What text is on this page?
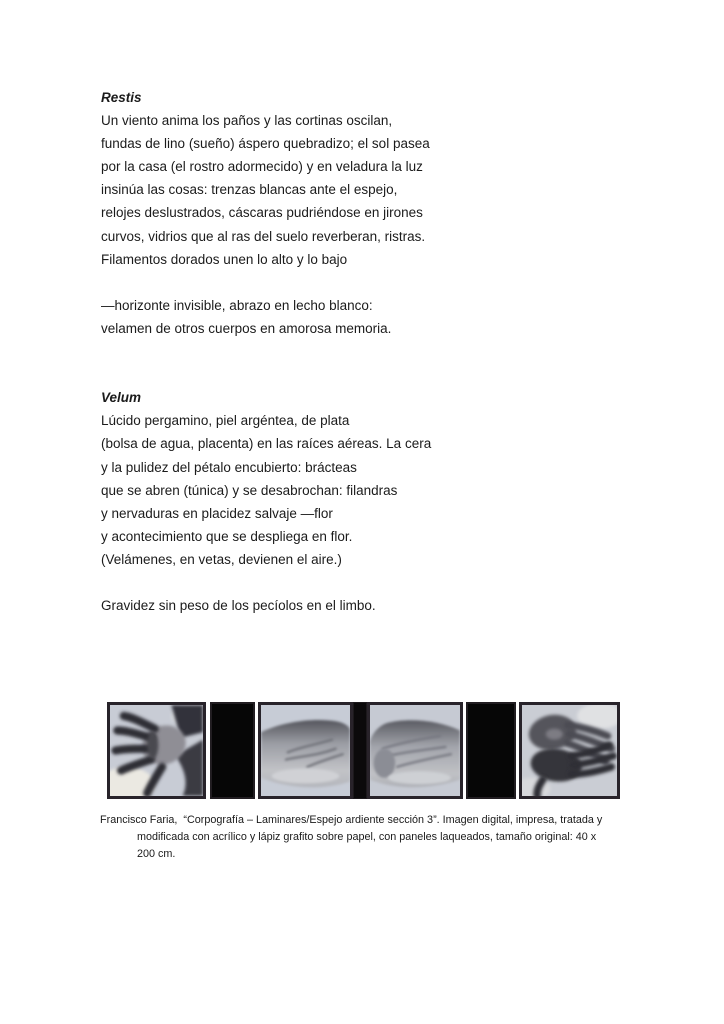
Restis
Un viento anima los paños y las cortinas oscilan,
fundas de lino (sueño) áspero quebradizo; el sol pasea
por la casa (el rostro adormecido) y en veladura la luz
insinúa las cosas: trenzas blancas ante el espejo,
relojes deslustrados, cáscaras pudriéndose en jirones
curvos, vidrios que al ras del suelo reverberan, ristras.
Filamentos dorados unen lo alto y lo bajo
—horizonte invisible, abrazo en lecho blanco:
velamen de otros cuerpos en amorosa memoria.
Velum
Lúcido pergamino, piel argéntea, de plata
(bolsa de agua, placenta) en las raíces aéreas. La cera
y la pulidez del pétalo encubierto: brácteas
que se abren (túnica) y se desabrochan: filandras
y nervaduras en placidez salvaje —flor
y acontecimiento que se despliega en flor.
(Velámenes, en vetas, devienen el aire.)
Gravidez sin peso de los pecíolos en el limbo.
Francisco Faria,  “Corpografía – Laminares/Espejo ardiente sección 3”. Imagen digital, impresa, tratada y
modificada con acrílico y lápiz grafito sobre papel, con paneles laqueados, tamaño original: 40 x
200 cm.
